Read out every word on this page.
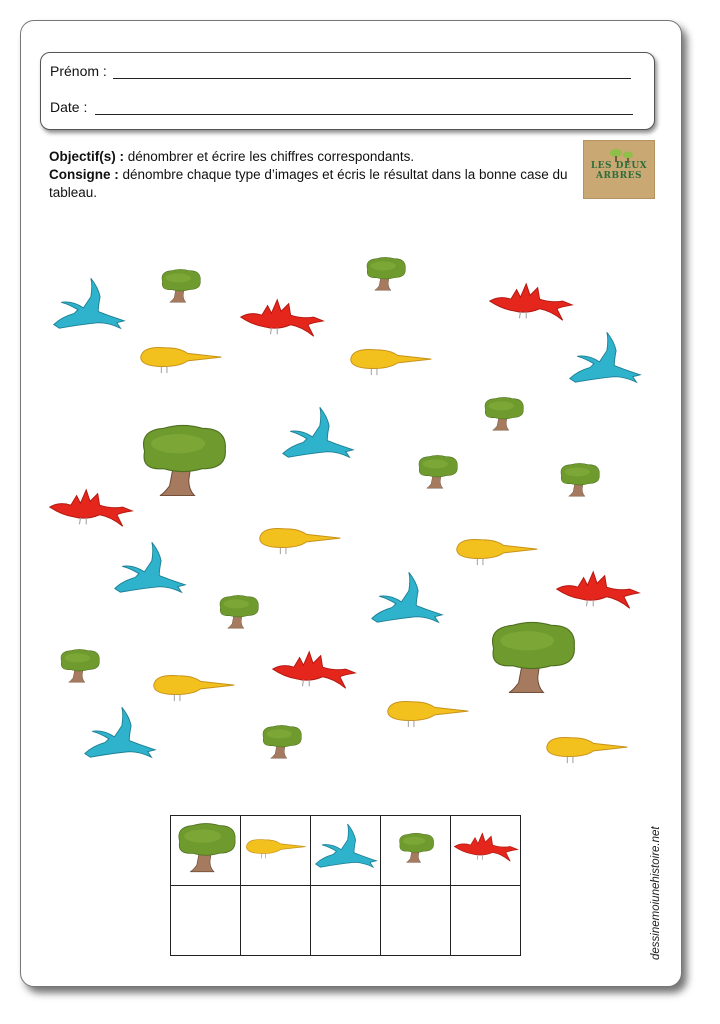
Prénom :
Date :
Objectif(s) : dénombrer et écrire les chiffres correspondants.
Consigne : dénombre chaque type d’images et écris le résultat dans la bonne case du tableau.
LES DEUX ARBRES

dessinemoiunehistoire.net
